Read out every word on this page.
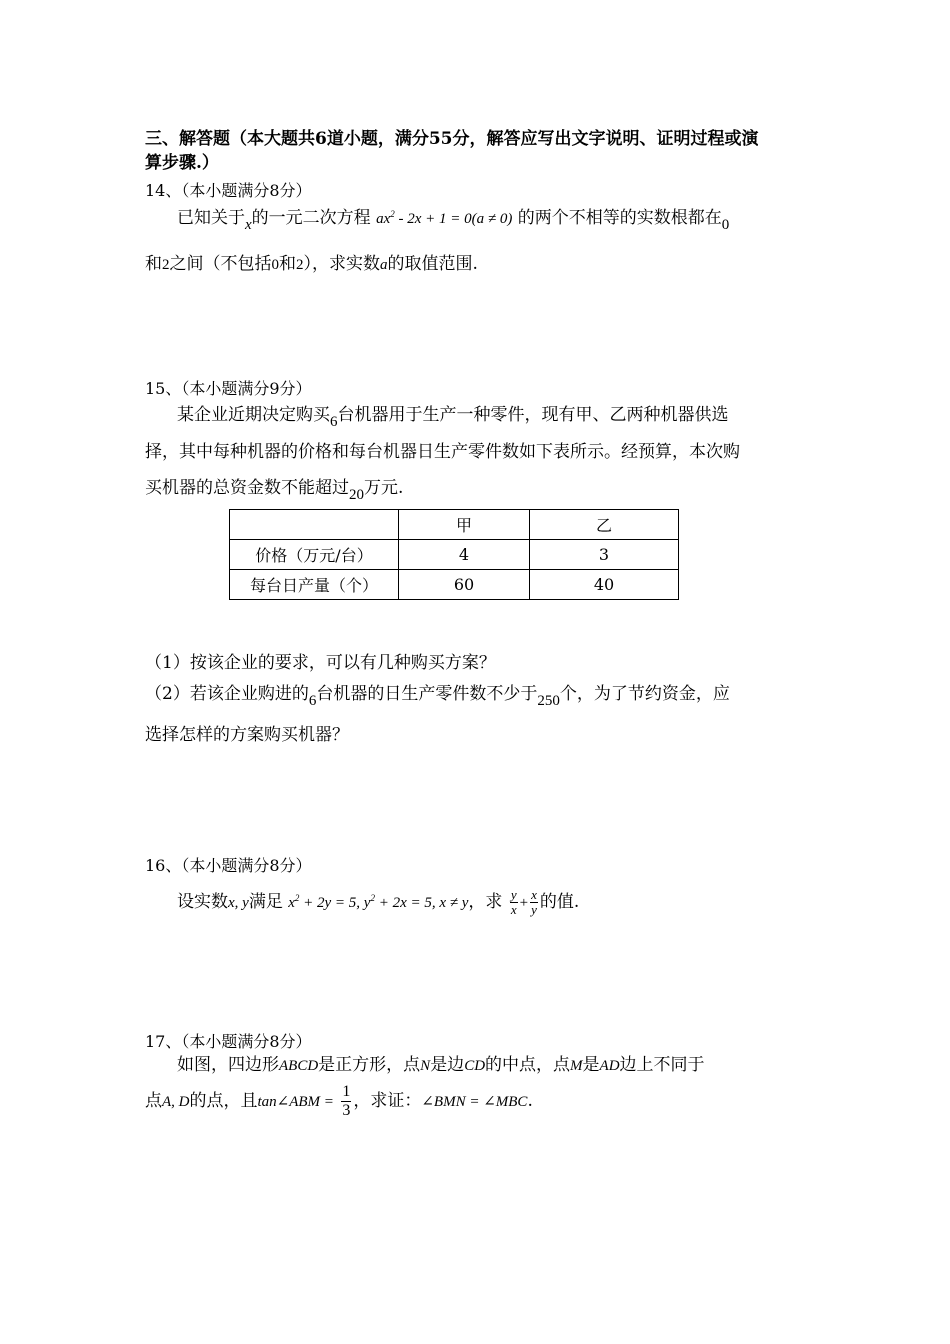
三、解答题（本大题共6道小题，满分55分，解答应写出文字说明、证明过程或演
算步骤.）
14、（本小题满分8分）
已知关于x的一元二次方程 $ax^2 - 2x + 1 = 0(a \ne 0)$ 的两个不相等的实数根都在0
和2之间（不包括0和2），求实数a的取值范围.
15、（本小题满分9分）
某企业近期决定购买6台机器用于生产一种零件，现有甲、乙两种机器供选
择，其中每种机器的价格和每台机器日生产零件数如下表所示。经预算，本次购
买机器的总资金数不能超过20万元.
	甲	乙
价格（万元/台）	4	3
每台日产量（个）	60	40
（1）按该企业的要求，可以有几种购买方案？
（2）若该企业购进的6台机器的日生产零件数不少于250个，为了节约资金，应
选择怎样的方案购买机器？
16、（本小题满分8分）
设实数x, y满足 $x^2 + 2y = 5$, $y^2 + 2x = 5$, x ≠ y，求 $\frac{y}{x} + \frac{x}{y}$ 的值.
17、（本小题满分8分）
如图，四边形ABCD是正方形，点N是边CD的中点，点M是AD边上不同于
点A, D的点，且tan∠ABM = $\frac{1}{3}$ ，求证：∠BMN = ∠MBC.
